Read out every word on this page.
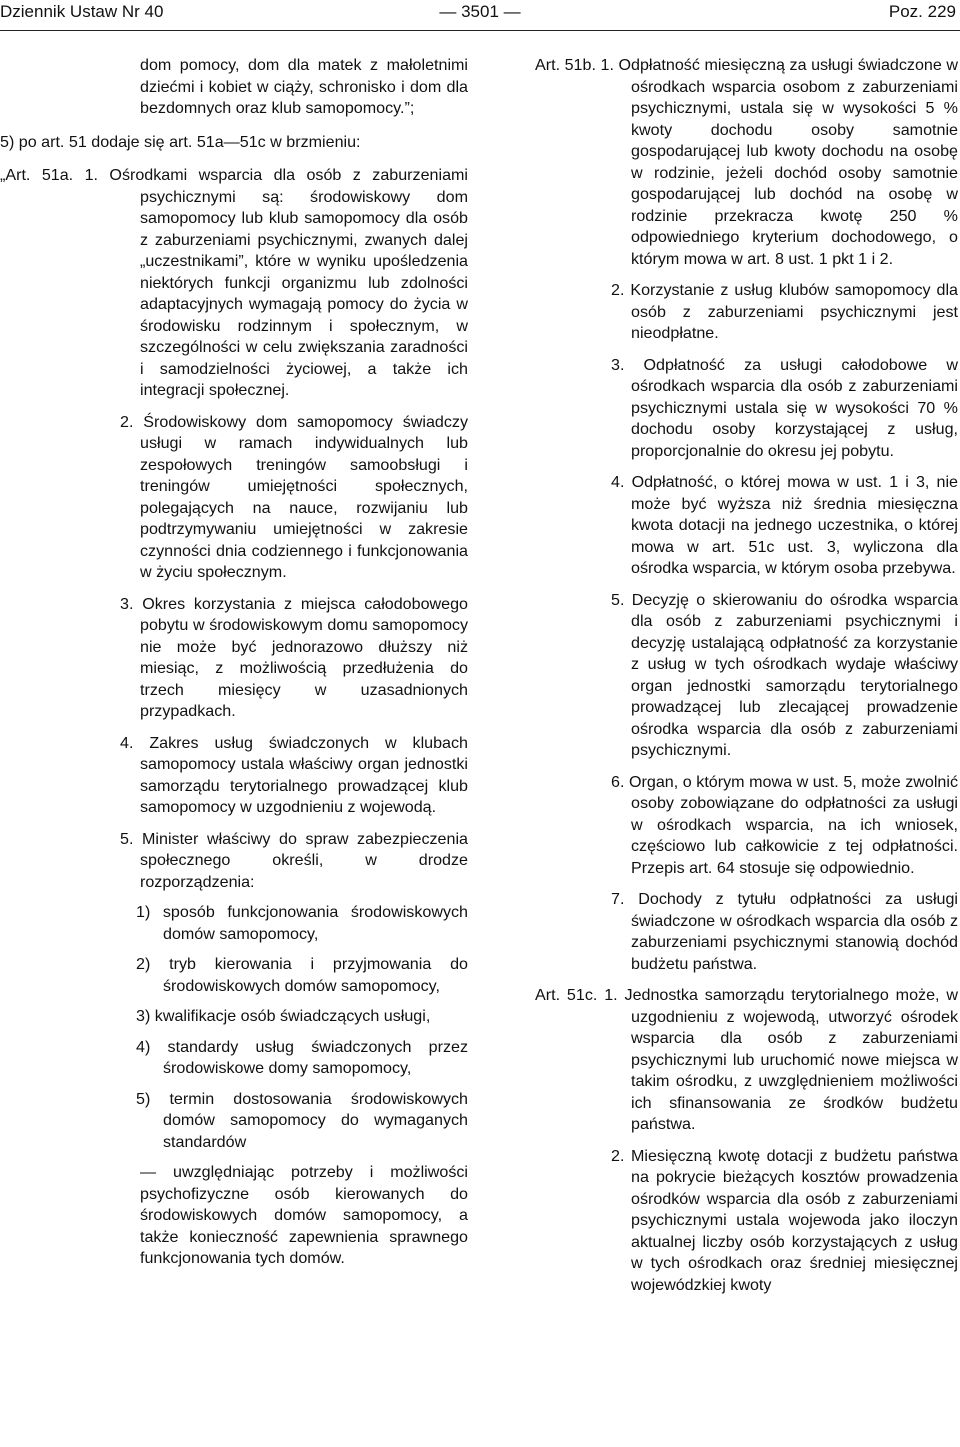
Dziennik Ustaw Nr 40	— 3501 —	Poz. 229

dom pomocy, dom dla matek z małoletnimi dziećmi i kobiet w ciąży, schronisko i dom dla bezdomnych oraz klub samopomocy.”;

5) po art. 51 dodaje się art. 51a—51c w brzmieniu:

„Art. 51a. 1. Ośrodkami wsparcia dla osób z zaburzeniami psychicznymi są: środowiskowy dom samopomocy lub klub samopomocy dla osób z zaburzeniami psychicznymi, zwanych dalej „uczestnikami”, które w wyniku upośledzenia niektórych funkcji organizmu lub zdolności adaptacyjnych wymagają pomocy do życia w środowisku rodzinnym i społecznym, w szczególności w celu zwiększania zaradności i samodzielności życiowej, a także ich integracji społecznej.

2. Środowiskowy dom samopomocy świadczy usługi w ramach indywidualnych lub zespołowych treningów samoobsługi i treningów umiejętności społecznych, polegających na nauce, rozwijaniu lub podtrzymywaniu umiejętności w zakresie czynności dnia codziennego i funkcjonowania w życiu społecznym.

3. Okres korzystania z miejsca całodobowego pobytu w środowiskowym domu samopomocy nie może być jednorazowo dłuższy niż miesiąc, z możliwością przedłużenia do trzech miesięcy w uzasadnionych przypadkach.

4. Zakres usług świadczonych w klubach samopomocy ustala właściwy organ jednostki samorządu terytorialnego prowadzącej klub samopomocy w uzgodnieniu z wojewodą.

5. Minister właściwy do spraw zabezpieczenia społecznego określi, w drodze rozporządzenia:

1) sposób funkcjonowania środowiskowych domów samopomocy,

2) tryb kierowania i przyjmowania do środowiskowych domów samopomocy,

3) kwalifikacje osób świadczących usługi,

4) standardy usług świadczonych przez środowiskowe domy samopomocy,

5) termin dostosowania środowiskowych domów samopomocy do wymaganych standardów

— uwzględniając potrzeby i możliwości psychofizyczne osób kierowanych do środowiskowych domów samopomocy, a także konieczność zapewnienia sprawnego funkcjonowania tych domów.

Art. 51b. 1. Odpłatność miesięczną za usługi świadczone w ośrodkach wsparcia osobom z zaburzeniami psychicznymi, ustala się w wysokości 5 % kwoty dochodu osoby samotnie gospodarującej lub kwoty dochodu na osobę w rodzinie, jeżeli dochód osoby samotnie gospodarującej lub dochód na osobę w rodzinie przekracza kwotę 250 % odpowiedniego kryterium dochodowego, o którym mowa w art. 8 ust. 1 pkt 1 i 2.

2. Korzystanie z usług klubów samopomocy dla osób z zaburzeniami psychicznymi jest nieodpłatne.

3. Odpłatność za usługi całodobowe w ośrodkach wsparcia dla osób z zaburzeniami psychicznymi ustala się w wysokości 70 % dochodu osoby korzystającej z usług, proporcjonalnie do okresu jej pobytu.

4. Odpłatność, o której mowa w ust. 1 i 3, nie może być wyższa niż średnia miesięczna kwota dotacji na jednego uczestnika, o której mowa w art. 51c ust. 3, wyliczona dla ośrodka wsparcia, w którym osoba przebywa.

5. Decyzję o skierowaniu do ośrodka wsparcia dla osób z zaburzeniami psychicznymi i decyzję ustalającą odpłatność za korzystanie z usług w tych ośrodkach wydaje właściwy organ jednostki samorządu terytorialnego prowadzącej lub zlecającej prowadzenie ośrodka wsparcia dla osób z zaburzeniami psychicznymi.

6. Organ, o którym mowa w ust. 5, może zwolnić osoby zobowiązane do odpłatności za usługi w ośrodkach wsparcia, na ich wniosek, częściowo lub całkowicie z tej odpłatności. Przepis art. 64 stosuje się odpowiednio.

7. Dochody z tytułu odpłatności za usługi świadczone w ośrodkach wsparcia dla osób z zaburzeniami psychicznymi stanowią dochód budżetu państwa.

Art. 51c. 1. Jednostka samorządu terytorialnego może, w uzgodnieniu z wojewodą, utworzyć ośrodek wsparcia dla osób z zaburzeniami psychicznymi lub uruchomić nowe miejsca w takim ośrodku, z uwzględnieniem możliwości ich sfinansowania ze środków budżetu państwa.

2. Miesięczną kwotę dotacji z budżetu państwa na pokrycie bieżących kosztów prowadzenia ośrodków wsparcia dla osób z zaburzeniami psychicznymi ustala wojewoda jako iloczyn aktualnej liczby osób korzystających z usług w tych ośrodkach oraz średniej miesięcznej wojewódzkiej kwoty
